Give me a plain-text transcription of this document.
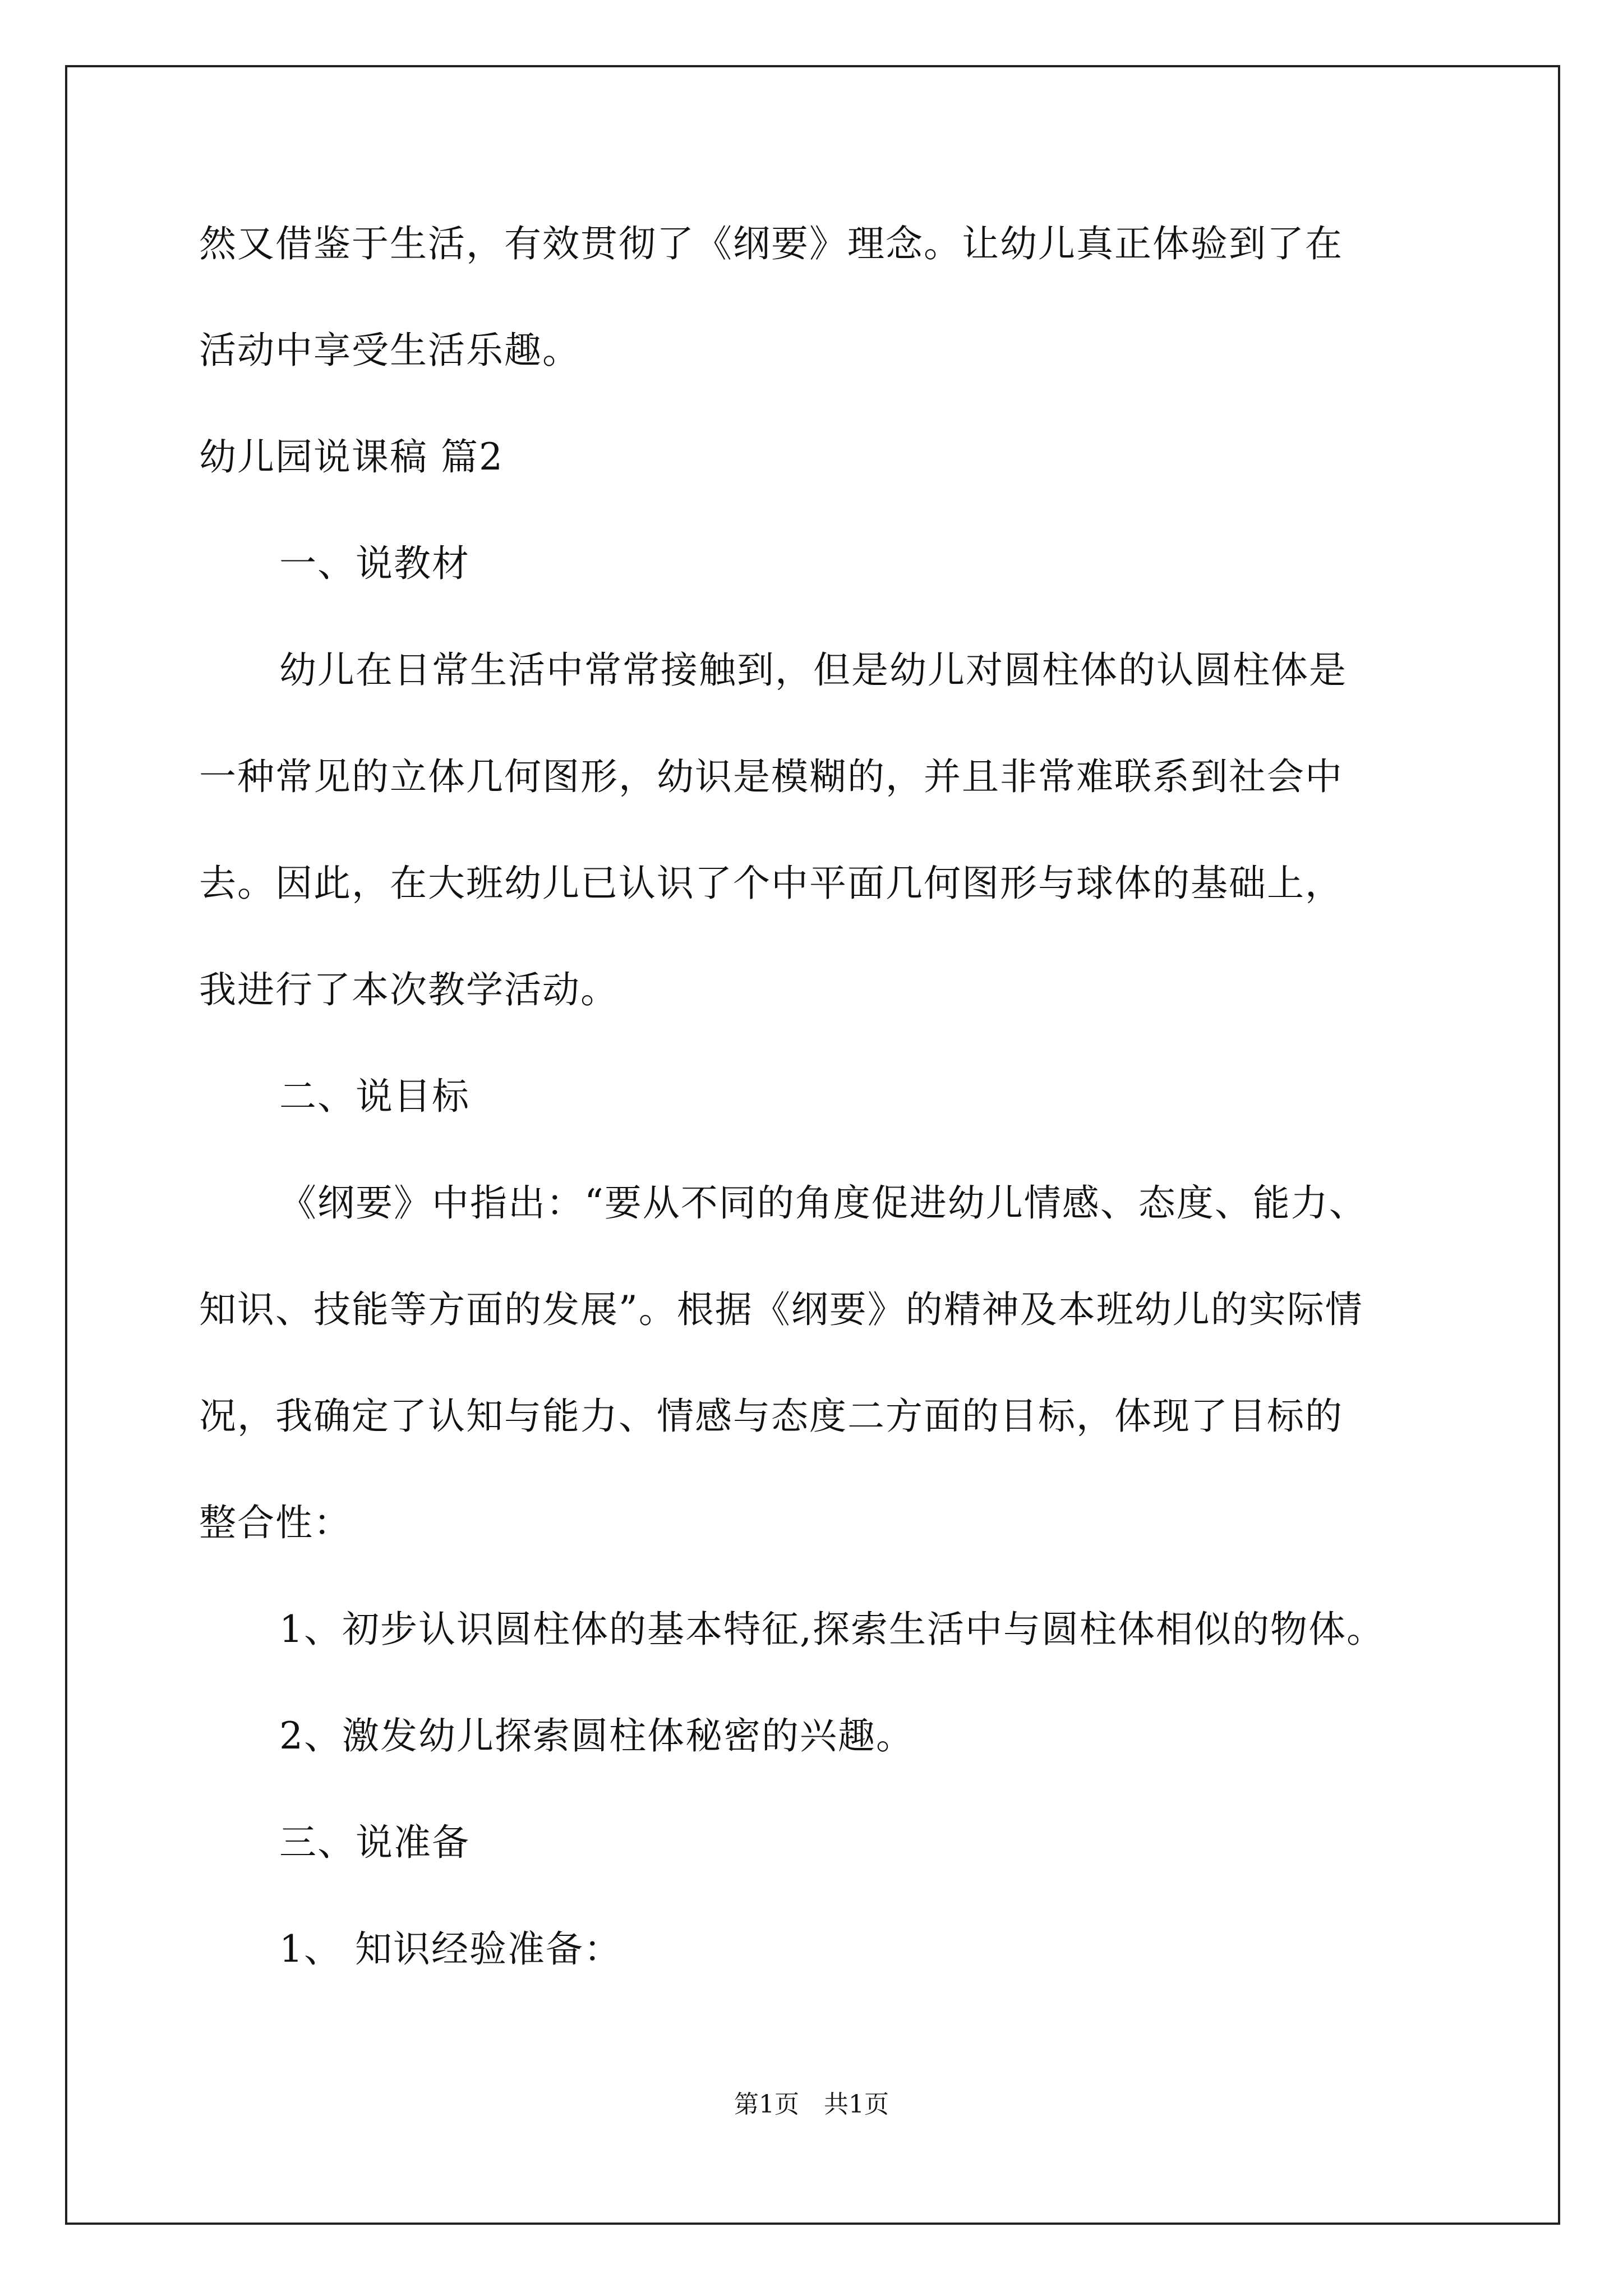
然又借鉴于生活，有效贯彻了《纲要》理念。让幼儿真正体验到了在
活动中享受生活乐趣。
幼儿园说课稿 篇2
一、说教材
幼儿在日常生活中常常接触到，但是幼儿对圆柱体的认圆柱体是
一种常见的立体几何图形，幼识是模糊的，并且非常难联系到社会中
去。因此，在大班幼儿已认识了个中平面几何图形与球体的基础上，
我进行了本次教学活动。
二、说目标
《纲要》中指出：“要从不同的角度促进幼儿情感、态度、能力、
知识、技能等方面的发展”。根据《纲要》的精神及本班幼儿的实际情
况，我确定了认知与能力、情感与态度二方面的目标，体现了目标的
整合性：
1、初步认识圆柱体的基本特征,探索生活中与圆柱体相似的物体。
2、激发幼儿探索圆柱体秘密的兴趣。
三、说准备
1、 知识经验准备：
第1页　共1页
